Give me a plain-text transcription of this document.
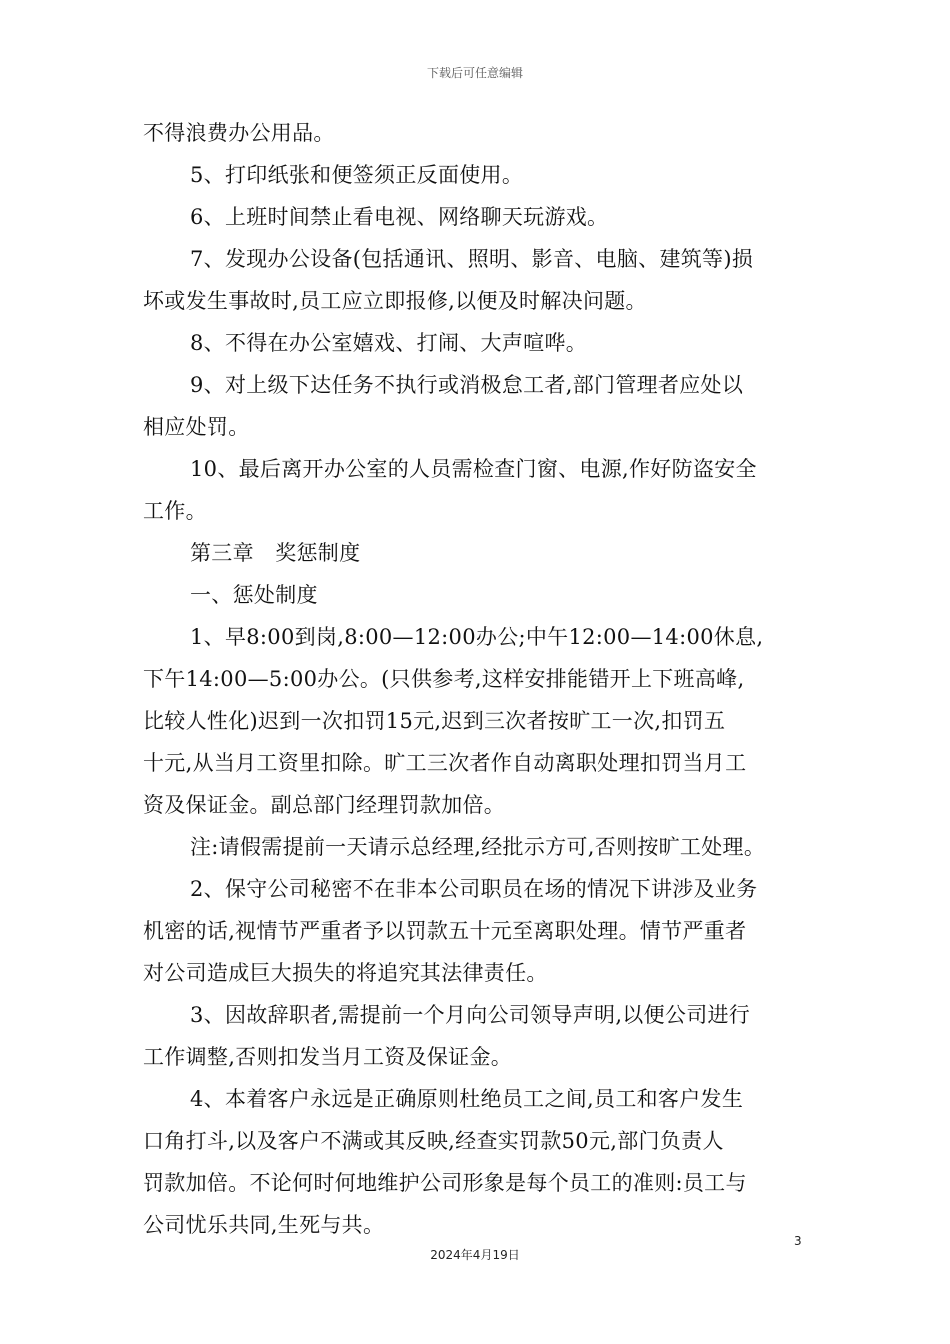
下载后可任意编辑
不得浪费办公用品。
5、打印纸张和便签须正反面使用。
6、上班时间禁止看电视、网络聊天玩游戏。
7、发现办公设备(包括通讯、照明、影音、电脑、建筑等)损
坏或发生事故时,员工应立即报修,以便及时解决问题。
8、不得在办公室嬉戏、打闹、大声喧哗。
9、对上级下达任务不执行或消极怠工者,部门管理者应处以
相应处罚。
10、最后离开办公室的人员需检查门窗、电源,作好防盗安全
工作。
第三章　奖惩制度
一、惩处制度
1、早8:00到岗,8:00—12:00办公;中午12:00—14:00休息,
下午14:00—5:00办公。(只供参考,这样安排能错开上下班高峰,
比较人性化)迟到一次扣罚15元,迟到三次者按旷工一次,扣罚五
十元,从当月工资里扣除。旷工三次者作自动离职处理扣罚当月工
资及保证金。副总部门经理罚款加倍。
注:请假需提前一天请示总经理,经批示方可,否则按旷工处理。
2、保守公司秘密不在非本公司职员在场的情况下讲涉及业务
机密的话,视情节严重者予以罚款五十元至离职处理。情节严重者
对公司造成巨大损失的将追究其法律责任。
3、因故辞职者,需提前一个月向公司领导声明,以便公司进行
工作调整,否则扣发当月工资及保证金。
4、本着客户永远是正确原则杜绝员工之间,员工和客户发生
口角打斗,以及客户不满或其反映,经查实罚款50元,部门负责人
罚款加倍。不论何时何地维护公司形象是每个员工的准则:员工与
公司忧乐共同,生死与共。
3
2024年4月19日
